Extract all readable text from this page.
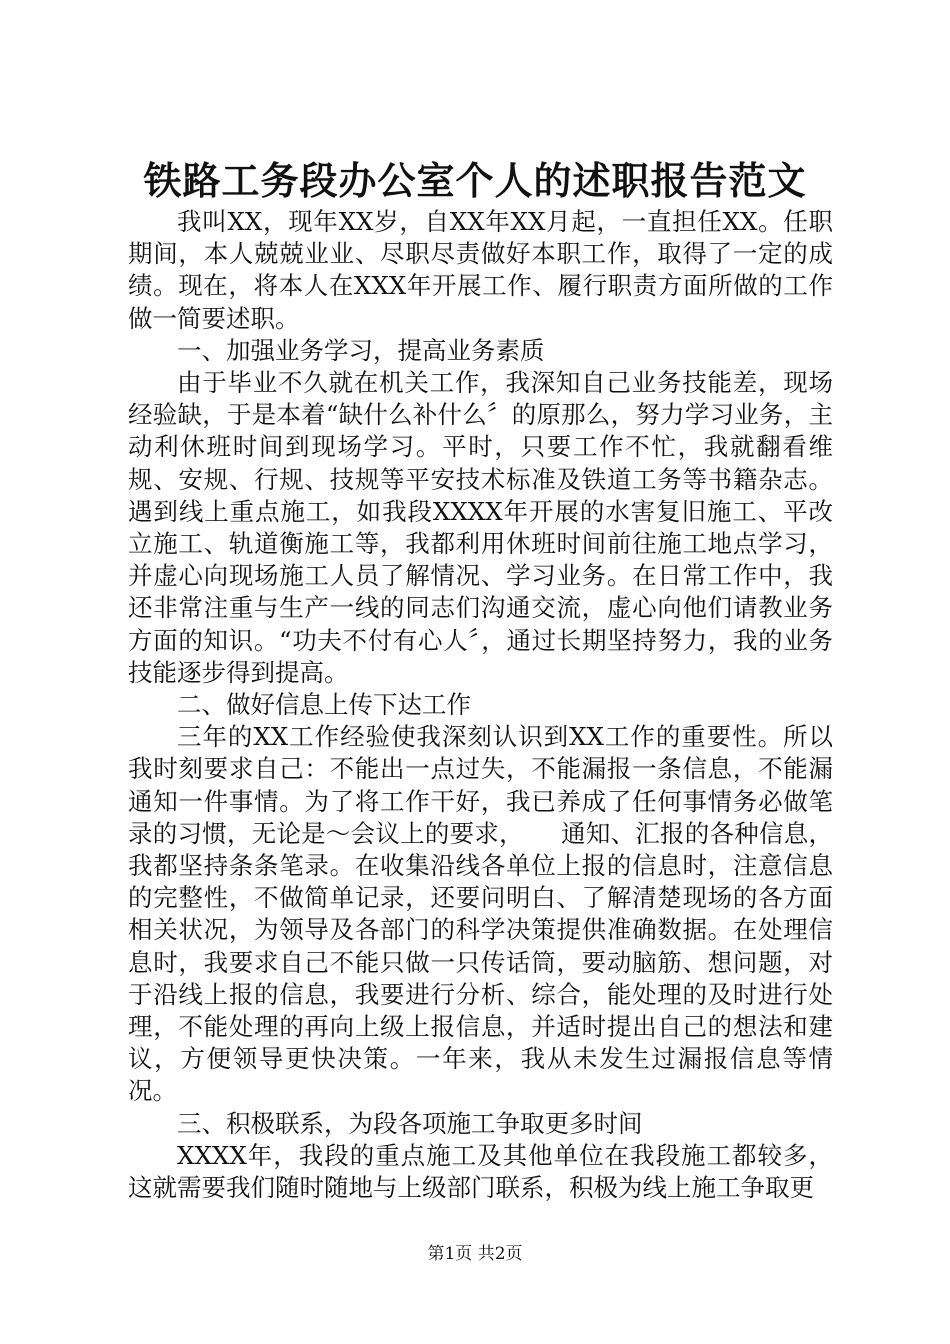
铁路工务段办公室个人的述职报告范文

我叫XX，现年XX岁，自XX年XX月起，一直担任XX。任职期间，本人兢兢业业、尽职尽责做好本职工作，取得了一定的成绩。现在，将本人在XXX年开展工作、履行职责方面所做的工作做一简要述职。

一、加强业务学习，提高业务素质

由于毕业不久就在机关工作，我深知自己业务技能差，现场经验缺，于是本着“缺什么补什么〞的原那么，努力学习业务，主动利休班时间到现场学习。平时，只要工作不忙，我就翻看维规、安规、行规、技规等平安技术标准及铁道工务等书籍杂志。遇到线上重点施工，如我段XXXX年开展的水害复旧施工、平改立施工、轨道衡施工等，我都利用休班时间前往施工地点学习，并虚心向现场施工人员了解情况、学习业务。在日常工作中，我还非常注重与生产一线的同志们沟通交流，虚心向他们请教业务方面的知识。“功夫不付有心人〞，通过长期坚持努力，我的业务技能逐步得到提高。

二、做好信息上传下达工作

三年的XX工作经验使我深刻认识到XX工作的重要性。所以我时刻要求自己：不能出一点过失，不能漏报一条信息，不能漏通知一件事情。为了将工作干好，我已养成了任何事情务必做笔录的习惯，无论是～会议上的要求，　　通知、汇报的各种信息，我都坚持条条笔录。在收集沿线各单位上报的信息时，注意信息的完整性，不做简单记录，还要问明白、了解清楚现场的各方面相关状况，为领导及各部门的科学决策提供准确数据。在处理信息时，我要求自己不能只做一只传话筒，要动脑筋、想问题，对于沿线上报的信息，我要进行分析、综合，能处理的及时进行处理，不能处理的再向上级上报信息，并适时提出自己的想法和建议，方便领导更快决策。一年来，我从未发生过漏报信息等情况。

三、积极联系，为段各项施工争取更多时间

XXXX年，我段的重点施工及其他单位在我段施工都较多，这就需要我们随时随地与上级部门联系，积极为线上施工争取更

第1页 共2页
